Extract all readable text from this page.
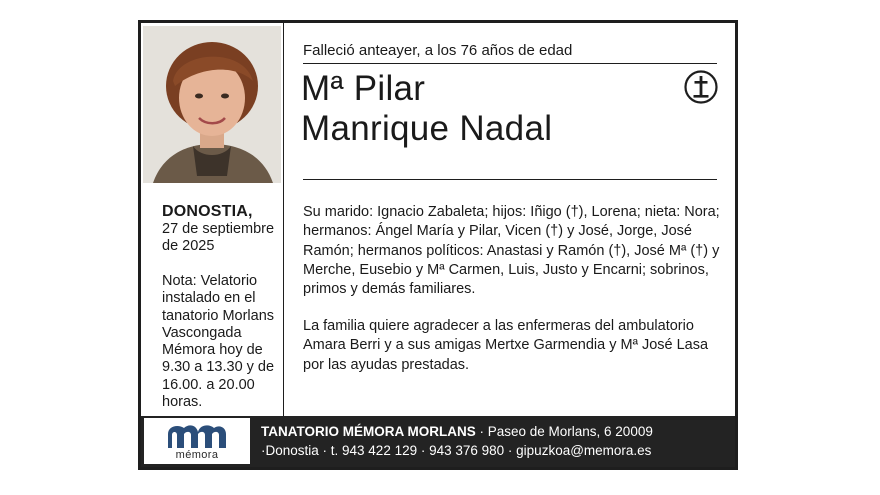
DONOSTIA,
27 de septiembre
de 2025
Nota: Velatorio
instalado en el
tanatorio Morlans
Vascongada
Mémora hoy de
9.30 a 13.30 y de
16.00. a 20.00
horas.
Falleció anteayer, a los 76 años de edad
Mª Pilar
Manrique Nadal
Su marido: Ignacio Zabaleta; hijos: Iñigo (†), Lorena; nieta: Nora; hermanos: Ángel María y Pilar, Vicen (†) y José, Jorge, José Ramón; hermanos políticos: Anastasi y Ramón (†), José Mª (†) y Merche, Eusebio y Mª Carmen, Luis, Justo y Encarni; sobrinos, primos y demás familiares.
La familia quiere agradecer a las enfermeras del ambulatorio Amara Berri y a sus amigas Mertxe Garmendia y Mª José Lasa por las ayudas prestadas.
mémora
TANATORIO MÉMORA MORLANS · Paseo de Morlans, 6 20009
·Donostia · t. 943 422 129 · 943 376 980 · gipuzkoa@memora.es
